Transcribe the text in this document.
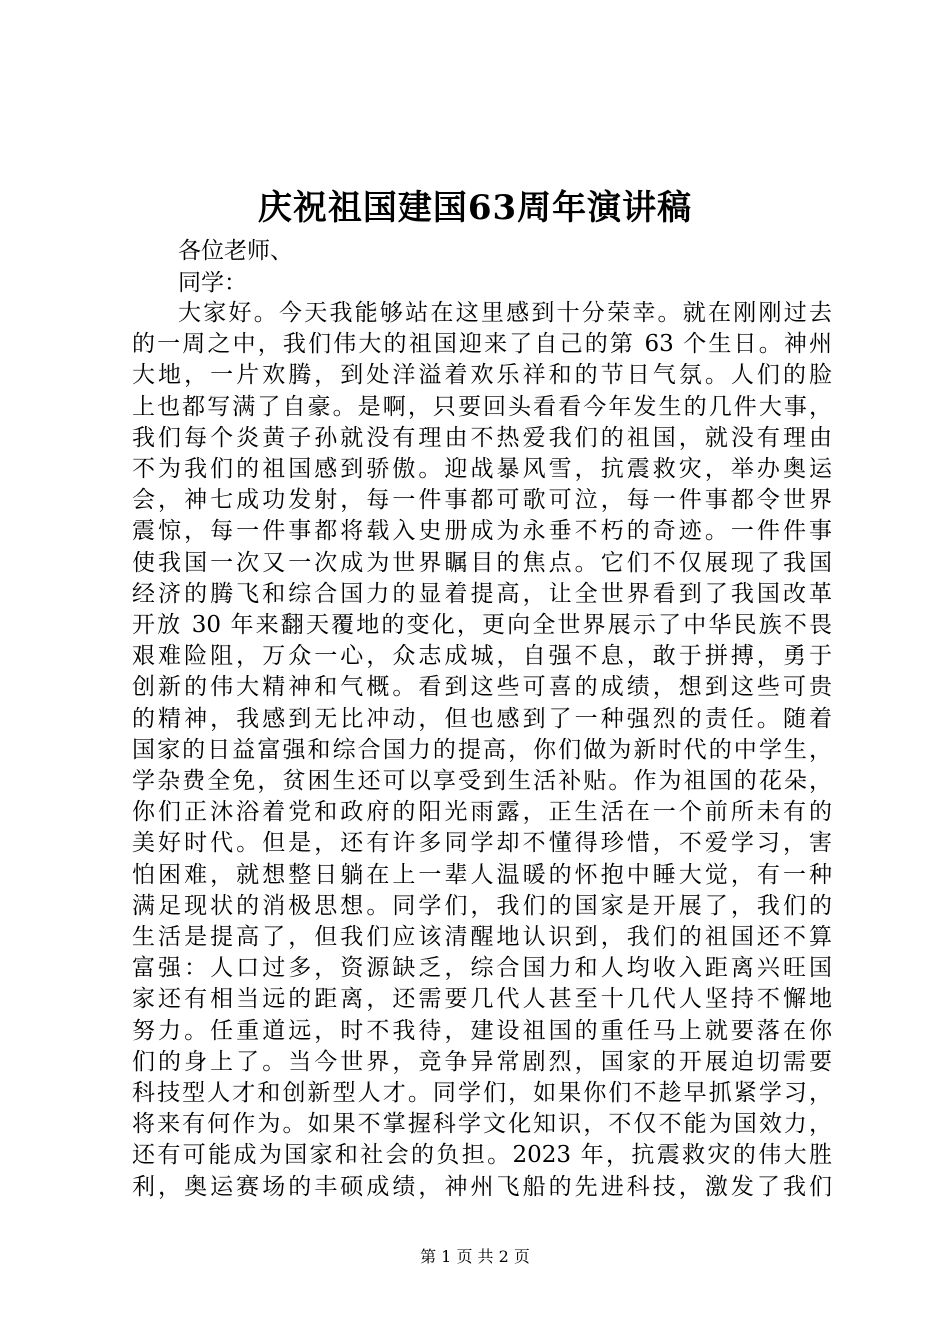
庆祝祖国建国63周年演讲稿
各位老师、
同学：
大家好。今天我能够站在这里感到十分荣幸。就在刚刚过去
的一周之中，我们伟大的祖国迎来了自己的第 63 个生日。神州
大地，一片欢腾，到处洋溢着欢乐祥和的节日气氛。人们的脸
上也都写满了自豪。是啊，只要回头看看今年发生的几件大事，
我们每个炎黄子孙就没有理由不热爱我们的祖国，就没有理由
不为我们的祖国感到骄傲。迎战暴风雪，抗震救灾，举办奥运
会，神七成功发射，每一件事都可歌可泣，每一件事都令世界
震惊，每一件事都将载入史册成为永垂不朽的奇迹。一件件事
使我国一次又一次成为世界瞩目的焦点。它们不仅展现了我国
经济的腾飞和综合国力的显着提高，让全世界看到了我国改革
开放 30 年来翻天覆地的变化，更向全世界展示了中华民族不畏
艰难险阻，万众一心，众志成城，自强不息，敢于拼搏，勇于
创新的伟大精神和气概。看到这些可喜的成绩，想到这些可贵
的精神，我感到无比冲动，但也感到了一种强烈的责任。随着
国家的日益富强和综合国力的提高，你们做为新时代的中学生，
学杂费全免，贫困生还可以享受到生活补贴。作为祖国的花朵，
你们正沐浴着党和政府的阳光雨露，正生活在一个前所未有的
美好时代。但是，还有许多同学却不懂得珍惜，不爱学习，害
怕困难，就想整日躺在上一辈人温暖的怀抱中睡大觉，有一种
满足现状的消极思想。同学们，我们的国家是开展了，我们的
生活是提高了，但我们应该清醒地认识到，我们的祖国还不算
富强：人口过多，资源缺乏，综合国力和人均收入距离兴旺国
家还有相当远的距离，还需要几代人甚至十几代人坚持不懈地
努力。任重道远，时不我待，建设祖国的重任马上就要落在你
们的身上了。当今世界，竞争异常剧烈，国家的开展迫切需要
科技型人才和创新型人才。同学们，如果你们不趁早抓紧学习，
将来有何作为。如果不掌握科学文化知识，不仅不能为国效力，
还有可能成为国家和社会的负担。2023 年，抗震救灾的伟大胜
利，奥运赛场的丰硕成绩，神州飞船的先进科技，激发了我们
第 1 页 共 2 页
